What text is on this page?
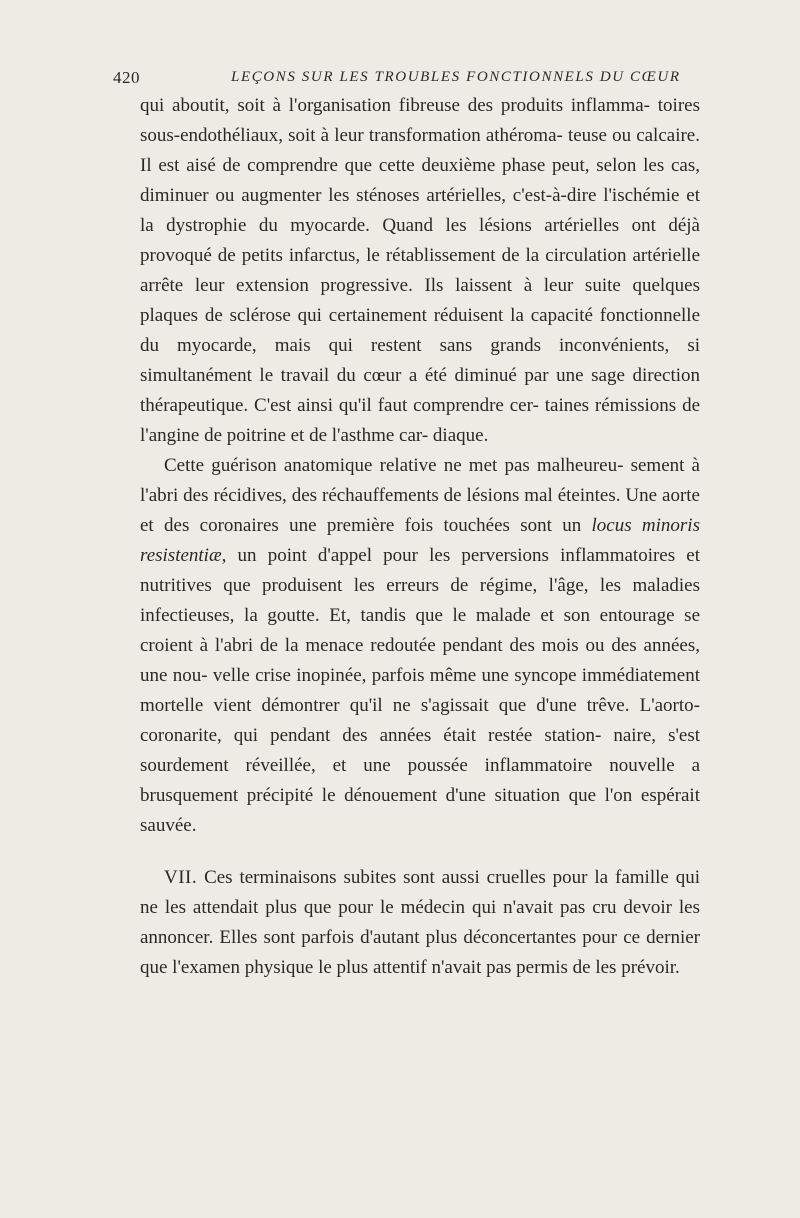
420	LEÇONS SUR LES TROUBLES FONCTIONNELS DU CŒUR

qui aboutit, soit à l'organisation fibreuse des produits inflamma- toires sous-endothéliaux, soit à leur transformation athéroma- teuse ou calcaire. Il est aisé de comprendre que cette deuxième phase peut, selon les cas, diminuer ou augmenter les sténoses artérielles, c'est-à-dire l'ischémie et la dystrophie du myocarde. Quand les lésions artérielles ont déjà provoqué de petits infarctus, le rétablissement de la circulation artérielle arrête leur extension progressive. Ils laissent à leur suite quelques plaques de sclérose qui certainement réduisent la capacité fonctionnelle du myocarde, mais qui restent sans grands inconvénients, si simultanément le travail du cœur a été diminué par une sage direction thérapeutique. C'est ainsi qu'il faut comprendre cer- taines rémissions de l'angine de poitrine et de l'asthme car- diaque.

Cette guérison anatomique relative ne met pas malheureu- sement à l'abri des récidives, des réchauffements de lésions mal éteintes. Une aorte et des coronaires une première fois touchées sont un locus minoris resistentiæ, un point d'appel pour les perversions inflammatoires et nutritives que produisent les erreurs de régime, l'âge, les maladies infectieuses, la goutte. Et, tandis que le malade et son entourage se croient à l'abri de la menace redoutée pendant des mois ou des années, une nou- velle crise inopinée, parfois même une syncope immédiatement mortelle vient démontrer qu'il ne s'agissait que d'une trêve. L'aorto-coronarite, qui pendant des années était restée station- naire, s'est sourdement réveillée, et une poussée inflammatoire nouvelle a brusquement précipité le dénouement d'une situation que l'on espérait sauvée.

VII. Ces terminaisons subites sont aussi cruelles pour la famille qui ne les attendait plus que pour le médecin qui n'avait pas cru devoir les annoncer. Elles sont parfois d'autant plus déconcertantes pour ce dernier que l'examen physique le plus attentif n'avait pas permis de les prévoir.
